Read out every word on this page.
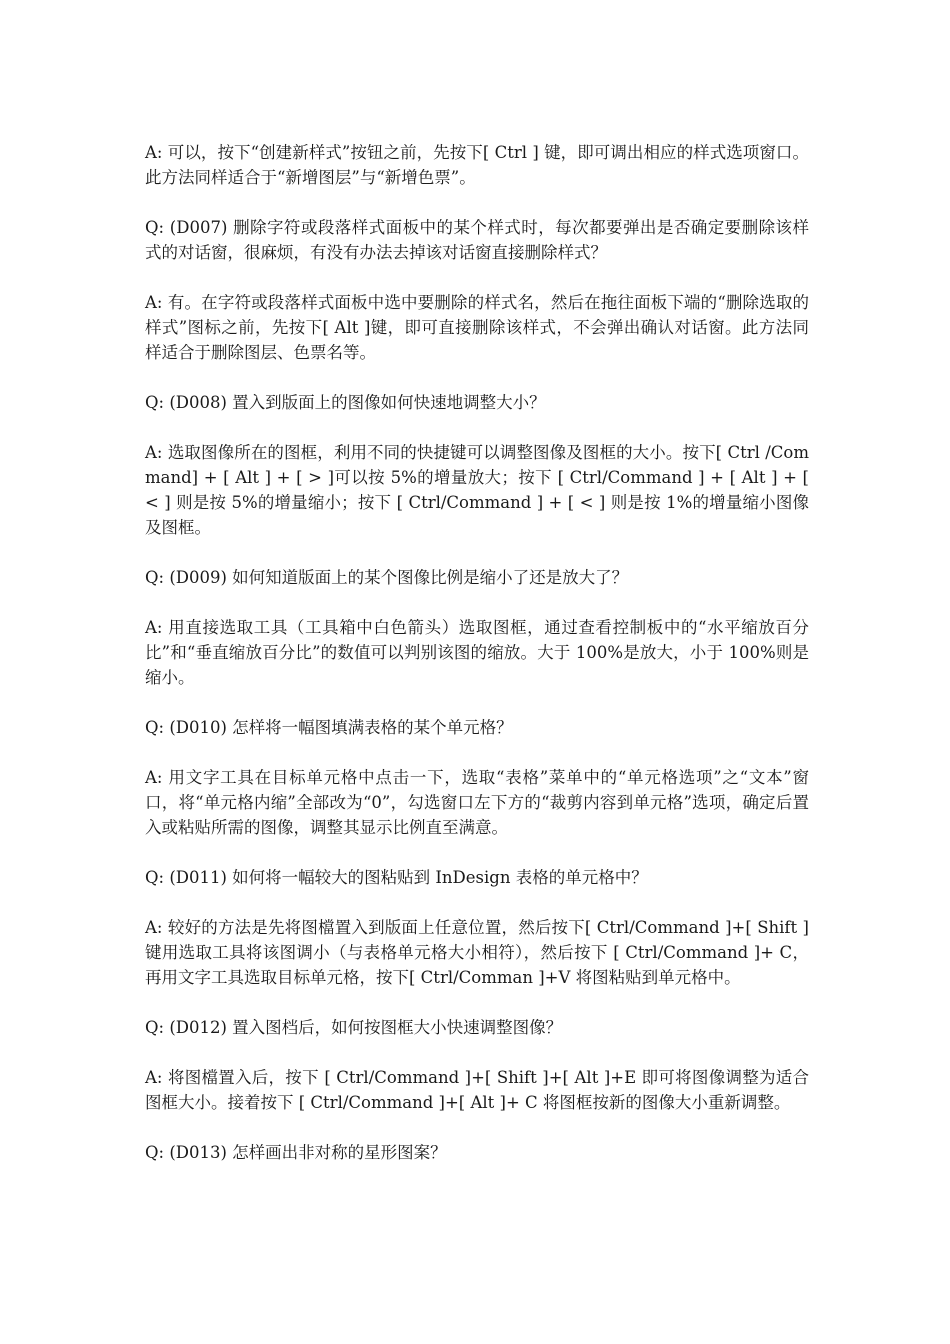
A: 可以，按下“创建新样式”按钮之前，先按下[ Ctrl ] 键，即可调出相应的样式选项窗口。此方法同样适合于“新增图层”与“新增色票”。

Q: (D007) 删除字符或段落样式面板中的某个样式时，每次都要弹出是否确定要删除该样式的对话窗，很麻烦，有没有办法去掉该对话窗直接删除样式？

A: 有。在字符或段落样式面板中选中要删除的样式名，然后在拖往面板下端的“删除选取的样式”图标之前，先按下[ Alt ]键，即可直接删除该样式，不会弹出确认对话窗。此方法同样适合于删除图层、色票名等。

Q: (D008) 置入到版面上的图像如何快速地调整大小？

A: 选取图像所在的图框，利用不同的快捷键可以调整图像及图框的大小。按下[ Ctrl /Command] + [ Alt ] + [ > ]可以按 5%的增量放大；按下 [ Ctrl/Command ] + [ Alt ] + [ < ] 则是按 5%的增量缩小；按下 [ Ctrl/Command ] + [ < ] 则是按 1%的增量缩小图像及图框。

Q: (D009) 如何知道版面上的某个图像比例是缩小了还是放大了？

A: 用直接选取工具（工具箱中白色箭头）选取图框，通过查看控制板中的“水平缩放百分比”和“垂直缩放百分比”的数值可以判别该图的缩放。大于 100%是放大，小于 100%则是缩小。

Q: (D010) 怎样将一幅图填满表格的某个单元格？

A: 用文字工具在目标单元格中点击一下，选取“表格”菜单中的“单元格选项”之“文本”窗口，将“单元格内缩”全部改为“0”，勾选窗口左下方的“裁剪内容到单元格”选项，确定后置入或粘贴所需的图像，调整其显示比例直至满意。

Q: (D011) 如何将一幅较大的图粘贴到 InDesign 表格的单元格中？

A: 较好的方法是先将图檔置入到版面上任意位置，然后按下[ Ctrl/Command ]+[ Shift ]键用选取工具将该图调小（与表格单元格大小相符），然后按下 [ Ctrl/Command ]+ C，再用文字工具选取目标单元格，按下[ Ctrl/Comman ]+V 将图粘贴到单元格中。

Q: (D012) 置入图档后，如何按图框大小快速调整图像？

A: 将图檔置入后，按下 [ Ctrl/Command ]+[ Shift ]+[ Alt ]+E 即可将图像调整为适合图框大小。接着按下 [ Ctrl/Command ]+[ Alt ]+ C 将图框按新的图像大小重新调整。

Q: (D013) 怎样画出非对称的星形图案？
